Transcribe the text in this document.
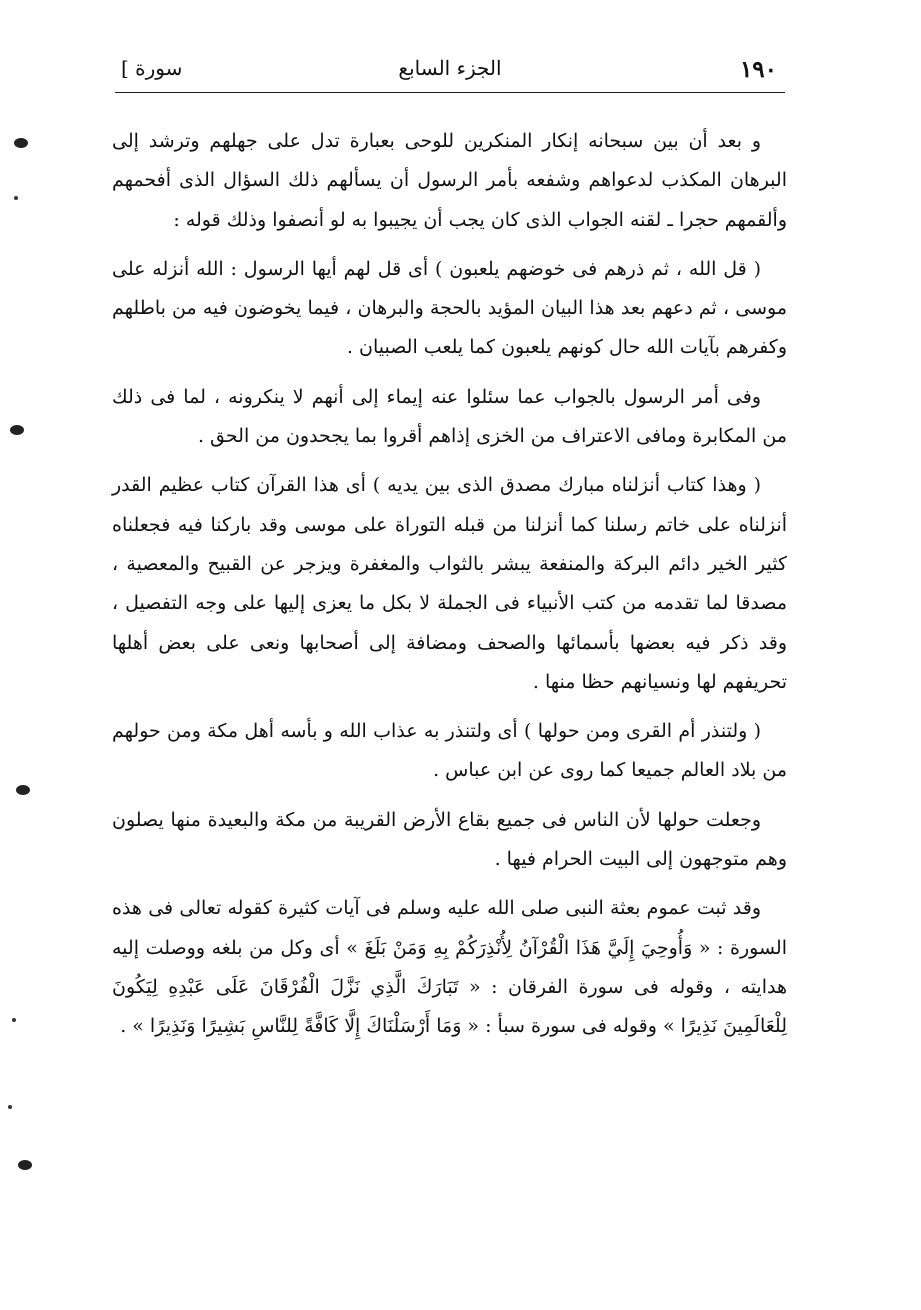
١٩٠
الجزء السابع
[ سورة

و بعد أن بين سبحانه إنكار المنكرين للوحى بعبارة تدل على جهلهم وترشد إلى البرهان المكذب لدعواهم وشفعه بأمر الرسول أن يسألهم ذلك السؤال الذى أفحمهم وألقمهم حجرا ـ لقنه الجواب الذى كان يجب أن يجيبوا به لو أنصفوا وذلك قوله :

( قل الله ، ثم ذرهم فى خوضهم يلعبون ) أى قل لهم أيها الرسول : الله أنزله على موسى ، ثم دعهم بعد هذا البيان المؤيد بالحجة والبرهان ، فيما يخوضون فيه من باطلهم وكفرهم بآيات الله حال كونهم يلعبون كما يلعب الصبيان .

وفى أمر الرسول بالجواب عما سئلوا عنه إيماء إلى أنهم لا ينكرونه ، لما فى ذلك من المكابرة ومافى الاعتراف من الخزى إذاهم أقروا بما يجحدون من الحق .

( وهذا كتاب أنزلناه مبارك مصدق الذى بين يديه ) أى هذا القرآن كتاب عظيم القدر أنزلناه على خاتم رسلنا كما أنزلنا من قبله التوراة على موسى وقد باركنا فيه فجعلناه كثير الخير دائم البركة والمنفعة يبشر بالثواب والمغفرة ويزجر عن القبيح والمعصية ، مصدقا لما تقدمه من كتب الأنبياء فى الجملة لا بكل ما يعزى إليها على وجه التفصيل ، وقد ذكر فيه بعضها بأسمائها والصحف ومضافة إلى أصحابها ونعى على بعض أهلها تحريفهم لها ونسيانهم حظا منها .

( ولتنذر أم القرى ومن حولها ) أى ولتنذر به عذاب الله و بأسه أهل مكة ومن حولهم من بلاد العالم جميعا كما روى عن ابن عباس .

وجعلت حولها لأن الناس فى جميع بقاع الأرض القريبة من مكة والبعيدة منها يصلون وهم متوجهون إلى البيت الحرام فيها .

وقد ثبت عموم بعثة النبى صلى الله عليه وسلم فى آيات كثيرة كقوله تعالى فى هذه السورة : « وَأُوحِيَ إِلَيَّ هَذَا الْقُرْآنُ لِأُنْذِرَكُمْ بِهِ وَمَنْ بَلَغَ » أى وكل من بلغه ووصلت إليه هدايته ، وقوله فى سورة الفرقان : « تَبَارَكَ الَّذِي نَزَّلَ الْفُرْقَانَ عَلَى عَبْدِهِ لِيَكُونَ لِلْعَالَمِينَ نَذِيرًا » وقوله فى سورة سبأ : « وَمَا أَرْسَلْنَاكَ إِلَّا كَافَّةً لِلنَّاسِ بَشِيرًا وَنَذِيرًا » .
